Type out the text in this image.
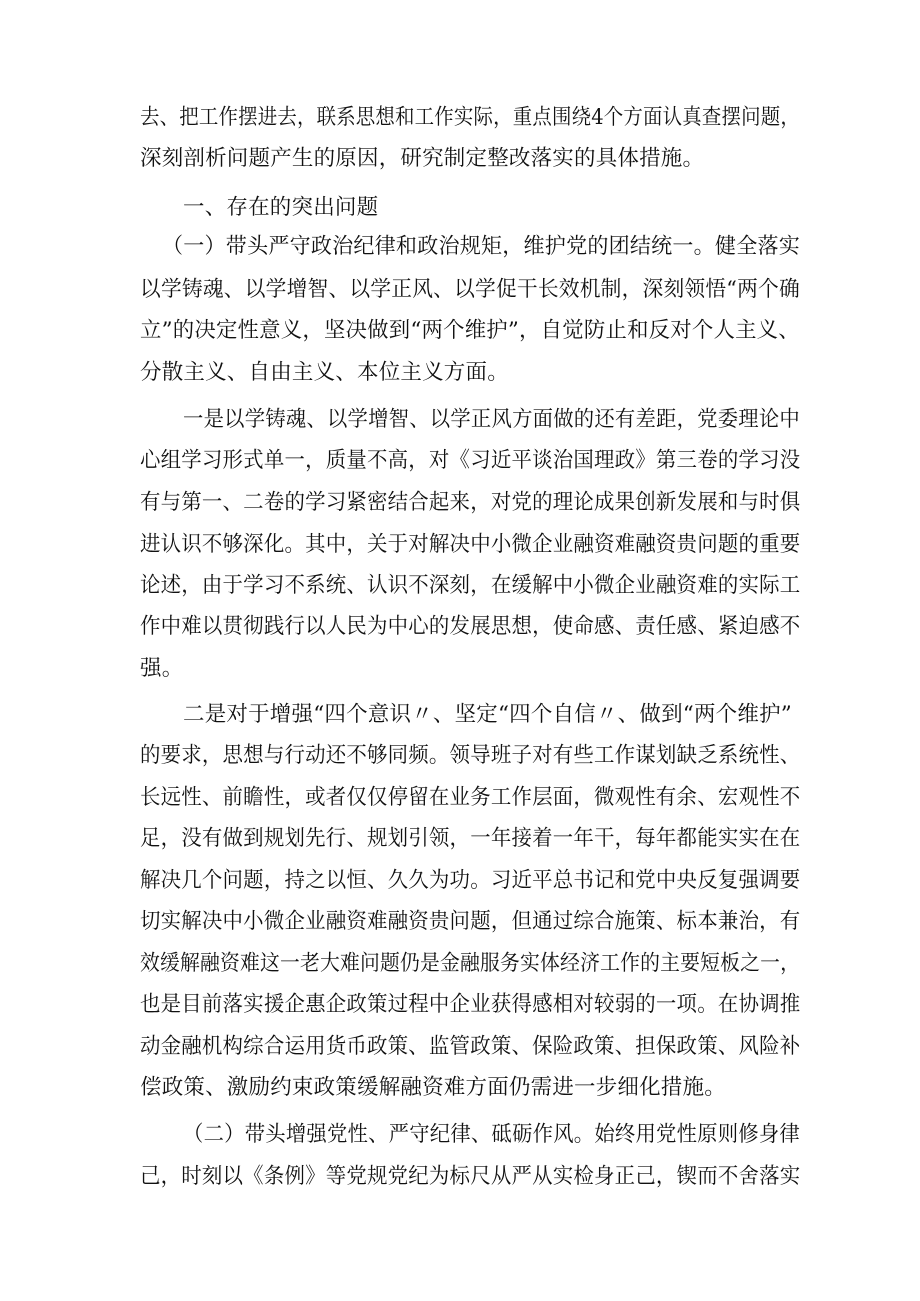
去、把工作摆进去，联系思想和工作实际，重点围绕4个方面认真查摆问题，
深刻剖析问题产生的原因，研究制定整改落实的具体措施。
一、存在的突出问题
（一）带头严守政治纪律和政治规矩，维护党的团结统一。健全落实
以学铸魂、以学增智、以学正风、以学促干长效机制，深刻领悟“两个确
立”的决定性意义，坚决做到“两个维护”，自觉防止和反对个人主义、
分散主义、自由主义、本位主义方面。
一是以学铸魂、以学增智、以学正风方面做的还有差距，党委理论中
心组学习形式单一，质量不高，对《习近平谈治国理政》第三卷的学习没
有与第一、二卷的学习紧密结合起来，对党的理论成果创新发展和与时俱
进认识不够深化。其中，关于对解决中小微企业融资难融资贵问题的重要
论述，由于学习不系统、认识不深刻，在缓解中小微企业融资难的实际工
作中难以贯彻践行以人民为中心的发展思想，使命感、责任感、紧迫感不
强。
二是对于增强“四个意识〃、坚定“四个自信〃、做到“两个维护”
的要求，思想与行动还不够同频。领导班子对有些工作谋划缺乏系统性、
长远性、前瞻性，或者仅仅停留在业务工作层面，微观性有余、宏观性不
足，没有做到规划先行、规划引领，一年接着一年干，每年都能实实在在
解决几个问题，持之以恒、久久为功。习近平总书记和党中央反复强调要
切实解决中小微企业融资难融资贵问题，但通过综合施策、标本兼治，有
效缓解融资难这一老大难问题仍是金融服务实体经济工作的主要短板之一，
也是目前落实援企惠企政策过程中企业获得感相对较弱的一项。在协调推
动金融机构综合运用货币政策、监管政策、保险政策、担保政策、风险补
偿政策、激励约束政策缓解融资难方面仍需进一步细化措施。
（二）带头增强党性、严守纪律、砥砺作风。始终用党性原则修身律
己，时刻以《条例》等党规党纪为标尺从严从实检身正己，锲而不舍落实
